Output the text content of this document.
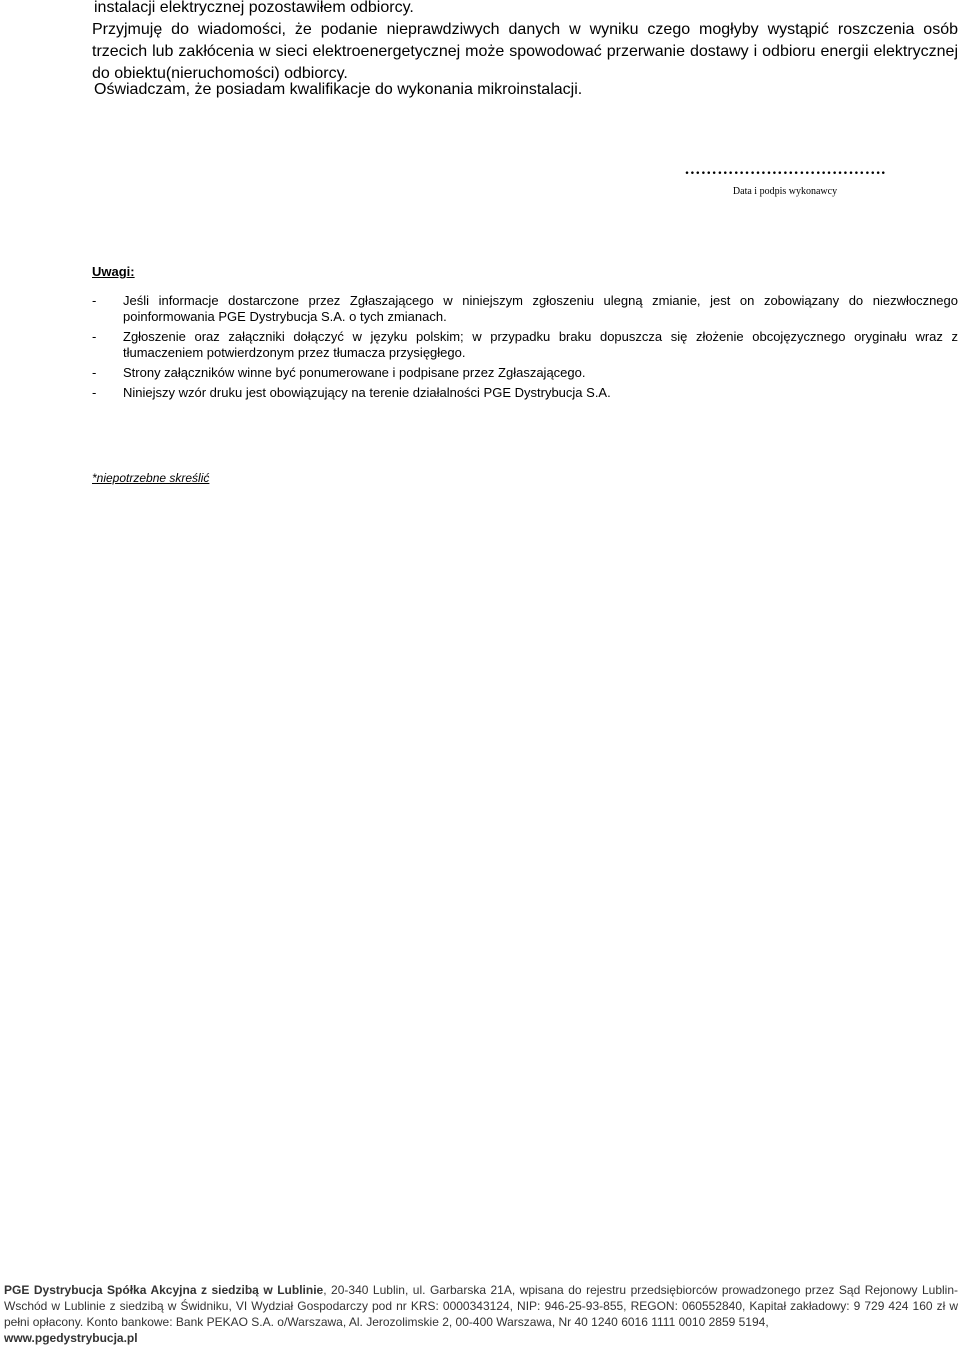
instalacji elektrycznej pozostawiłem odbiorcy.
Przyjmuję do wiadomości, że podanie nieprawdziwych danych w wyniku czego mogłyby wystąpić roszczenia osób trzecich lub zakłócenia w sieci elektroenergetycznej może spowodować przerwanie dostawy i odbioru energii elektrycznej do obiektu(nieruchomości) odbiorcy.
Oświadczam, że posiadam kwalifikacje do wykonania mikroinstalacji.
……………………………….
Data i podpis wykonawcy
Uwagi:
- Jeśli informacje dostarczone przez Zgłaszającego w niniejszym zgłoszeniu ulegną zmianie, jest on zobowiązany do niezwłocznego poinformowania PGE Dystrybucja S.A. o tych zmianach.
- Zgłoszenie oraz załączniki dołączyć w języku polskim; w przypadku braku dopuszcza się złożenie obcojęzycznego oryginału wraz z tłumaczeniem potwierdzonym przez tłumacza przysięgłego.
- Strony załączników winne być ponumerowane i podpisane przez Zgłaszającego.
- Niniejszy wzór druku jest obowiązujący na terenie działalności PGE Dystrybucja S.A.
*niepotrzebne skreślić
PGE Dystrybucja Spółka Akcyjna z siedzibą w Lublinie, 20-340 Lublin, ul. Garbarska 21A, wpisana do rejestru przedsiębiorców prowadzonego przez Sąd Rejonowy Lublin-Wschód w Lublinie z siedzibą w Świdniku, VI Wydział Gospodarczy pod nr KRS: 0000343124, NIP: 946-25-93-855, REGON: 060552840, Kapitał zakładowy: 9 729 424 160 zł w pełni opłacony. Konto bankowe: Bank PEKAO S.A. o/Warszawa, Al. Jerozolimskie 2, 00-400 Warszawa, Nr 40 1240 6016 1111 0010 2859 5194,
www.pgedystrybucja.pl
